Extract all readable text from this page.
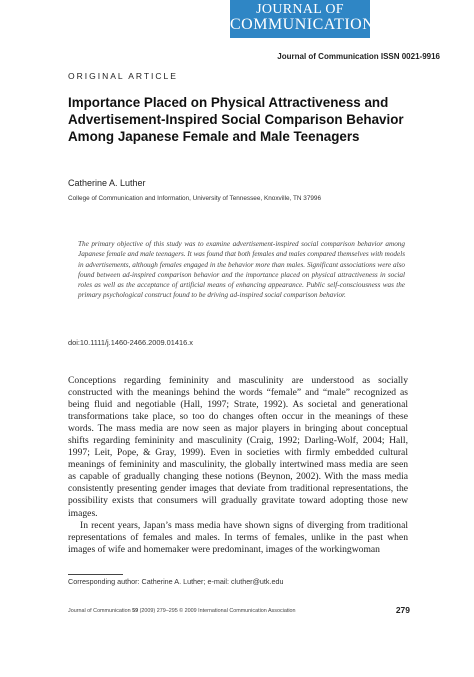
JOURNAL OF
COMMUNICATION
Journal of Communication ISSN 0021-9916
ORIGINAL ARTICLE
Importance Placed on Physical Attractiveness and Advertisement-Inspired Social Comparison Behavior Among Japanese Female and Male Teenagers
Catherine A. Luther
College of Communication and Information, University of Tennessee, Knoxville, TN 37996

The primary objective of this study was to examine advertisement-inspired social comparison behavior among Japanese female and male teenagers. It was found that both females and males compared themselves with models in advertisements, although females engaged in the behavior more than males. Significant associations were also found between ad-inspired comparison behavior and the importance placed on physical attractiveness in social roles as well as the acceptance of artificial means of enhancing appearance. Public self-consciousness was the primary psychological construct found to be driving ad-inspired social comparison behavior.

doi:10.1111/j.1460-2466.2009.01416.x

Conceptions regarding femininity and masculinity are understood as socially constructed with the meanings behind the words “female” and “male” recognized as being fluid and negotiable (Hall, 1997; Strate, 1992). As societal and generational transformations take place, so too do changes often occur in the meanings of these words. The mass media are now seen as major players in bringing about conceptual shifts regarding femininity and masculinity (Craig, 1992; Darling-Wolf, 2004; Hall, 1997; Leit, Pope, & Gray, 1999). Even in societies with firmly embedded cultural meanings of femininity and masculinity, the globally intertwined mass media are seen as capable of gradually changing these notions (Beynon, 2002). With the mass media consistently presenting gender images that deviate from traditional representations, the possibility exists that consumers will gradually gravitate toward adopting those new images.

In recent years, Japan’s mass media have shown signs of diverging from traditional representations of females and males. In terms of females, unlike in the past when images of wife and homemaker were predominant, images of the workingwoman

Corresponding author: Catherine A. Luther; e-mail: cluther@utk.edu
Journal of Communication 59 (2009) 279–295 © 2009 International Communication Association	279
